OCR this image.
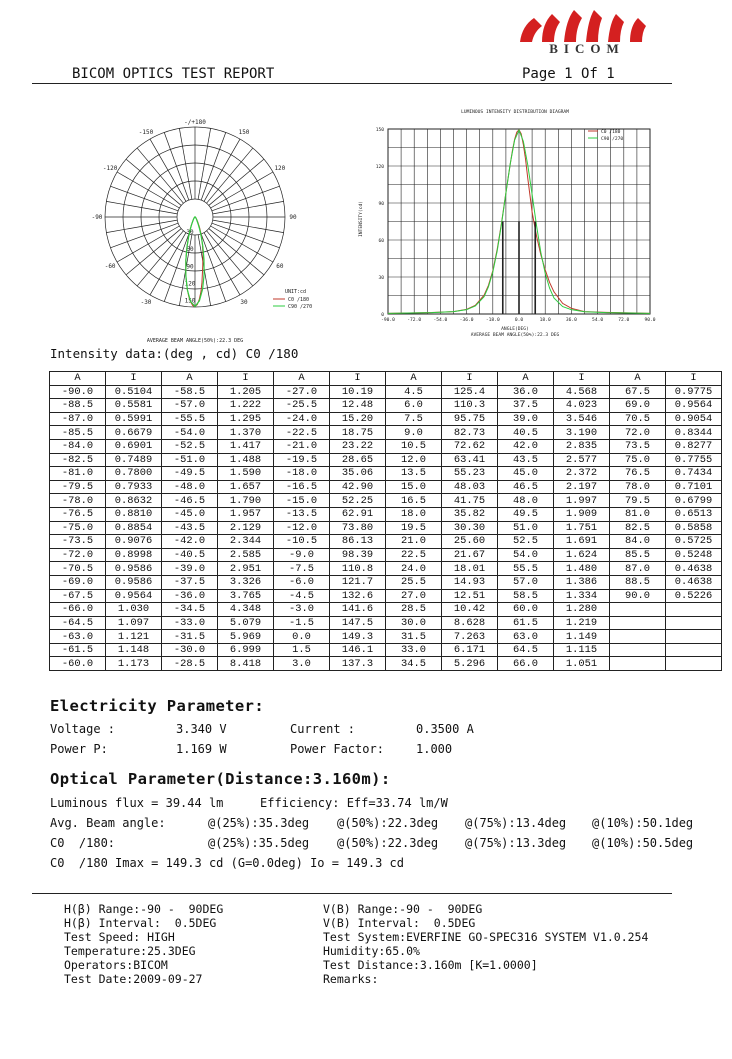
BICOM
BICOM OPTICS TEST REPORT	Page 1 Of 1
-/+180
-150	150
-120	120
-90	90
-60	60
-30	30
30
60
90
120
150
UNIT:cd
C0 /180
C90 /270
AVERAGE BEAM ANGLE(50%):22.3 DEG
LUMINOUS INTENSITY DISTRIBUTION DIAGRAM
-90.0	-72.0	-54.0	-36.0	-18.0	0.0	18.0	36.0	54.0	72.0	90.0
0
30
60
90
120
150
INTENSITY(cd)
ANGLE(DEG)
AVERAGE BEAM ANGLE(50%):22.3 DEG
C0 /180
C90 /270
Intensity data:(deg , cd) C0 /180
A	I	A	I	A	I	A	I	A	I	A	I
-90.0	0.5104	-58.5	1.205	-27.0	10.19	4.5	125.4	36.0	4.568	67.5	0.9775
-88.5	0.5581	-57.0	1.222	-25.5	12.48	6.0	110.3	37.5	4.023	69.0	0.9564
-87.0	0.5991	-55.5	1.295	-24.0	15.20	7.5	95.75	39.0	3.546	70.5	0.9054
-85.5	0.6679	-54.0	1.370	-22.5	18.75	9.0	82.73	40.5	3.190	72.0	0.8344
-84.0	0.6901	-52.5	1.417	-21.0	23.22	10.5	72.62	42.0	2.835	73.5	0.8277
-82.5	0.7489	-51.0	1.488	-19.5	28.65	12.0	63.41	43.5	2.577	75.0	0.7755
-81.0	0.7800	-49.5	1.590	-18.0	35.06	13.5	55.23	45.0	2.372	76.5	0.7434
-79.5	0.7933	-48.0	1.657	-16.5	42.90	15.0	48.03	46.5	2.197	78.0	0.7101
-78.0	0.8632	-46.5	1.790	-15.0	52.25	16.5	41.75	48.0	1.997	79.5	0.6799
-76.5	0.8810	-45.0	1.957	-13.5	62.91	18.0	35.82	49.5	1.909	81.0	0.6513
-75.0	0.8854	-43.5	2.129	-12.0	73.80	19.5	30.30	51.0	1.751	82.5	0.5858
-73.5	0.9076	-42.0	2.344	-10.5	86.13	21.0	25.60	52.5	1.691	84.0	0.5725
-72.0	0.8998	-40.5	2.585	-9.0	98.39	22.5	21.67	54.0	1.624	85.5	0.5248
-70.5	0.9586	-39.0	2.951	-7.5	110.8	24.0	18.01	55.5	1.480	87.0	0.4638
-69.0	0.9586	-37.5	3.326	-6.0	121.7	25.5	14.93	57.0	1.386	88.5	0.4638
-67.5	0.9564	-36.0	3.765	-4.5	132.6	27.0	12.51	58.5	1.334	90.0	0.5226
-66.0	1.030	-34.5	4.348	-3.0	141.6	28.5	10.42	60.0	1.280		
-64.5	1.097	-33.0	5.079	-1.5	147.5	30.0	8.628	61.5	1.219		
-63.0	1.121	-31.5	5.969	0.0	149.3	31.5	7.263	63.0	1.149		
-61.5	1.148	-30.0	6.999	1.5	146.1	33.0	6.171	64.5	1.115		
-60.0	1.173	-28.5	8.418	3.0	137.3	34.5	5.296	66.0	1.051		
Electricity Parameter:
Voltage :	3.340 V	Current :	0.3500 A
Power P:	1.169 W	Power Factor:	1.000
Optical Parameter(Distance:3.160m):
Luminous flux = 39.44 lm	Efficiency: Eff=33.74 lm/W
Avg. Beam angle:	@(25%):35.3deg @(50%):22.3deg @(75%):13.4deg @(10%):50.1deg
C0  /180:	@(25%):35.5deg @(50%):22.3deg @(75%):13.3deg @(10%):50.5deg
C0  /180 Imax = 149.3 cd (G=0.0deg) Io = 149.3 cd
H(β) Range:-90 -  90DEG
H(β) Interval:  0.5DEG
Test Speed: HIGH
Temperature:25.3DEG
Operators:BICOM
Test Date:2009-09-27
V(B) Range:-90 -  90DEG
V(B) Interval:  0.5DEG
Test System:EVERFINE GO-SPEC316 SYSTEM V1.0.254
Humidity:65.0%
Test Distance:3.160m [K=1.0000]
Remarks:
